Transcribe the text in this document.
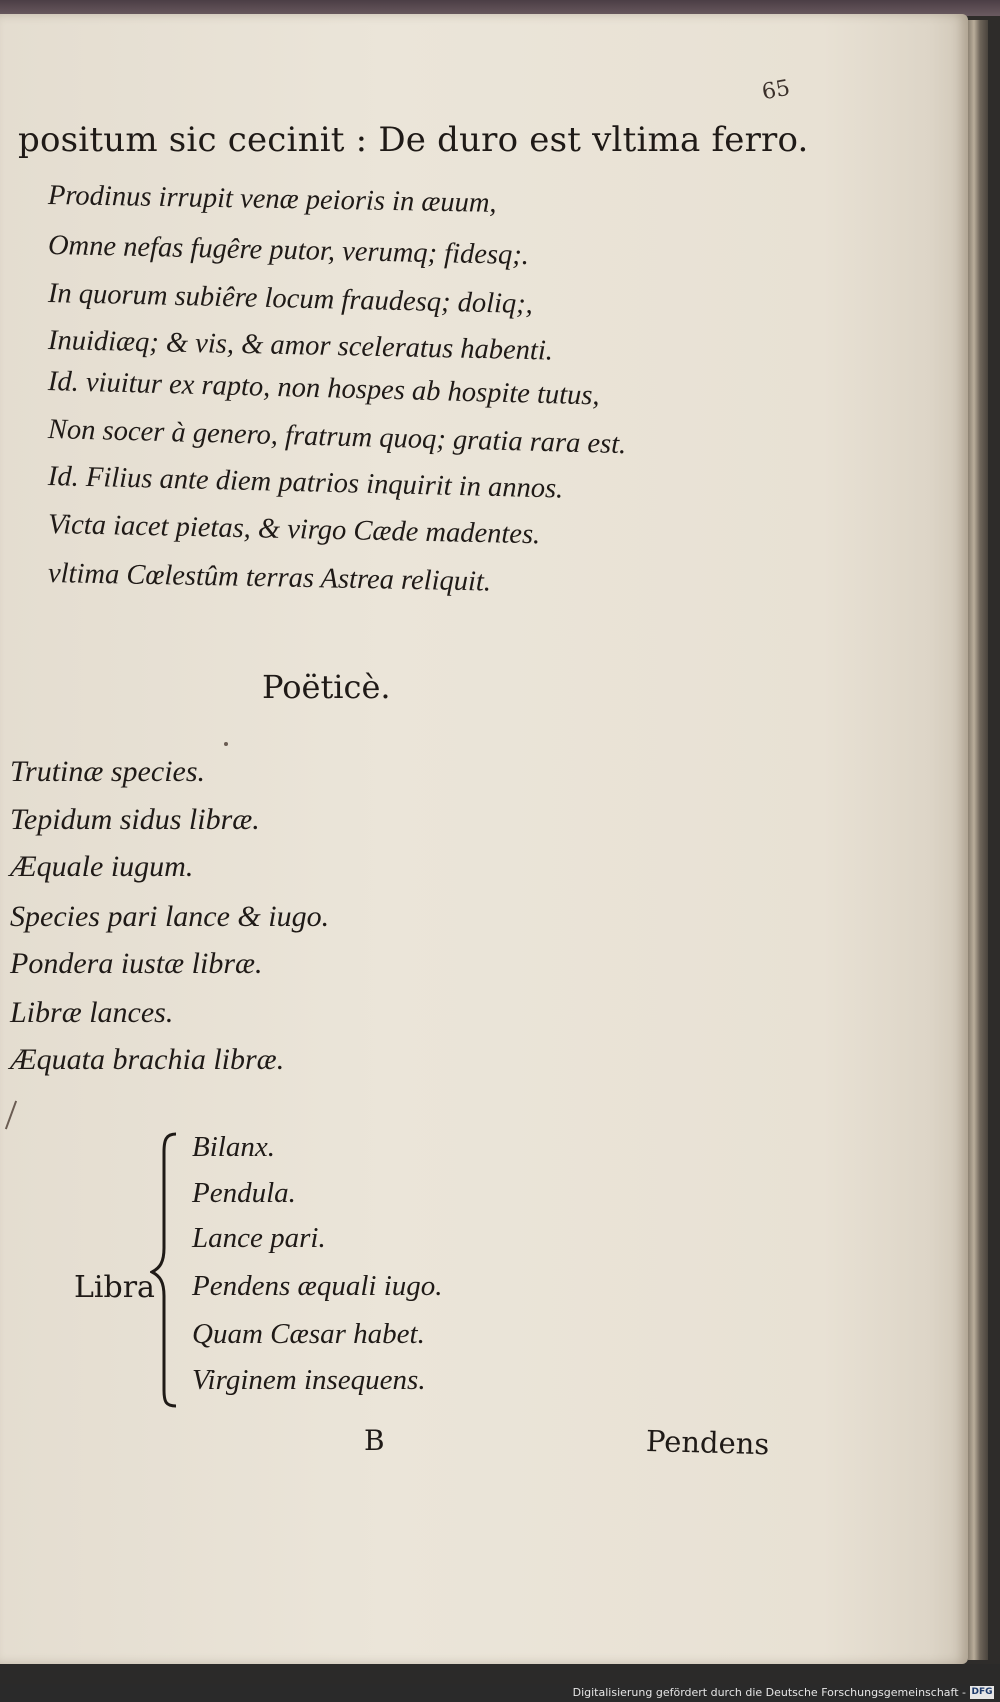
65
positum sic cecinit : De duro est vltima ferro.
Prodinus irrupit venæ peioris in æuum,
Omne nefas fugêre putor, verumq; fidesq;.
In quorum subiêre locum fraudesq; doliq;,
Inuidiæq; & vis, & amor sceleratus habenti.
Id. viuitur ex rapto, non hospes ab hospite tutus,
Non socer à genero, fratrum quoq; gratia rara est.
Id. Filius ante diem patrios inquirit in annos.
Victa iacet pietas, & virgo Cæde madentes.
vltima Cœlestûm terras Astrea reliquit.
Poëticè.
Trutinæ species.
Tepidum sidus libræ.
Æquale iugum.
Species pari lance & iugo.
Pondera iustæ libræ.
Libræ lances.
Æquata brachia libræ.
Libra
Bilanx.
Pendula.
Lance pari.
Pendens æquali iugo.
Quam Cæsar habet.
Virginem insequens.
B	Pendens
Digitalisierung gefördert durch die Deutsche Forschungsgemeinschaft - DFG
